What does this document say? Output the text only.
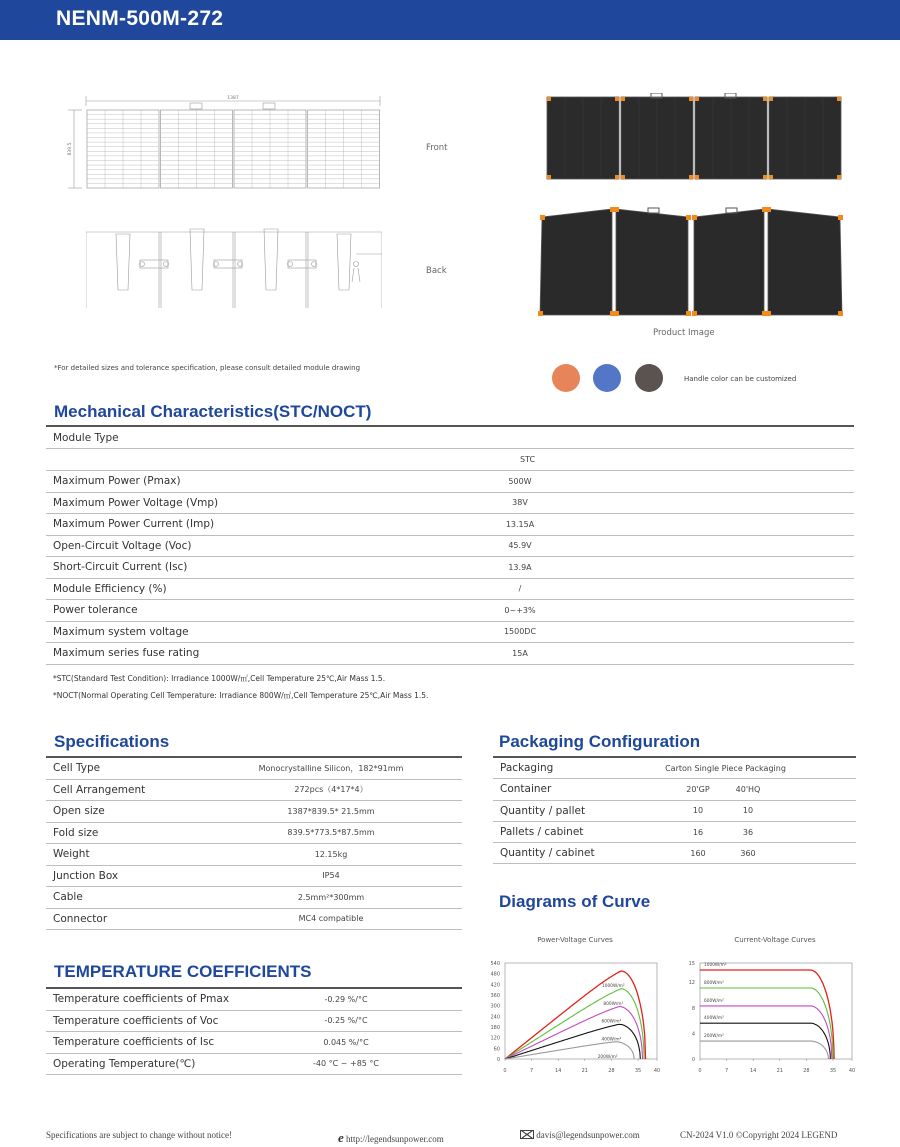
NENM-500M-272
1387
839.5	Front
Back
*For detailed sizes and tolerance specification, please consult detailed module drawing
Product Image
Handle color can be customized
Mechanical Characteristics(STC/NOCT)
Module Type
STC
Maximum Power (Pmax)	500W
Maximum Power Voltage (Vmp)	38V
Maximum Power Current (Imp)	13.15A
Open-Circuit Voltage (Voc)	45.9V
Short-Circuit Current (Isc)	13.9A
Module Efficiency (%)	/
Power tolerance	0~+3%
Maximum system voltage	1500DC
Maximum series fuse rating	15A
*STC(Standard Test Condition): Irradiance 1000W/㎡,Cell Temperature 25℃,Air Mass 1.5.
*NOCT(Normal Operating Cell Temperature: Irradiance 800W/㎡,Cell Temperature 25℃,Air Mass 1.5.
Specifications
Cell Type	Monocrystalline Silicon，182*91mm
Cell Arrangement	272pcs（4*17*4）
Open size	1387*839.5* 21.5mm
Fold size	839.5*773.5*87.5mm
Weight	12.15kg
Junction Box	IP54
Cable	2.5mm²*300mm
Connector	MC4 compatible
Packaging Configuration
Packaging	Carton Single Piece Packaging
Container	20'GP	40'HQ
Quantity / pallet	10	10
Pallets / cabinet	16	36
Quantity / cabinet	160	360
TEMPERATURE COEFFICIENTS
Temperature coefficients of Pmax	-0.29 %/°C
Temperature coefficients of Voc	-0.25 %/°C
Temperature coefficients of Isc	0.045 %/°C
Operating Temperature(℃)	-40 °C ~ +85 °C
Diagrams of Curve
Power-Voltage Curves	Current-Voltage Curves
0	7	14	21	28	35	40
0
60
120
180
240
300
360
420
480
540
1000W/m²
800W/m²
600W/m²
400W/m²
200W/m²
0	7	14	21	28	35	40
0
4
8
12
15 1000W/m²
800W/m²
600W/m²
400W/m²
200W/m²
Specifications are subject to change without notice!	e http://legendsunpower.com	davis@legendsunpower.com	CN-2024 V1.0 ©Copyright 2024 LEGEND
